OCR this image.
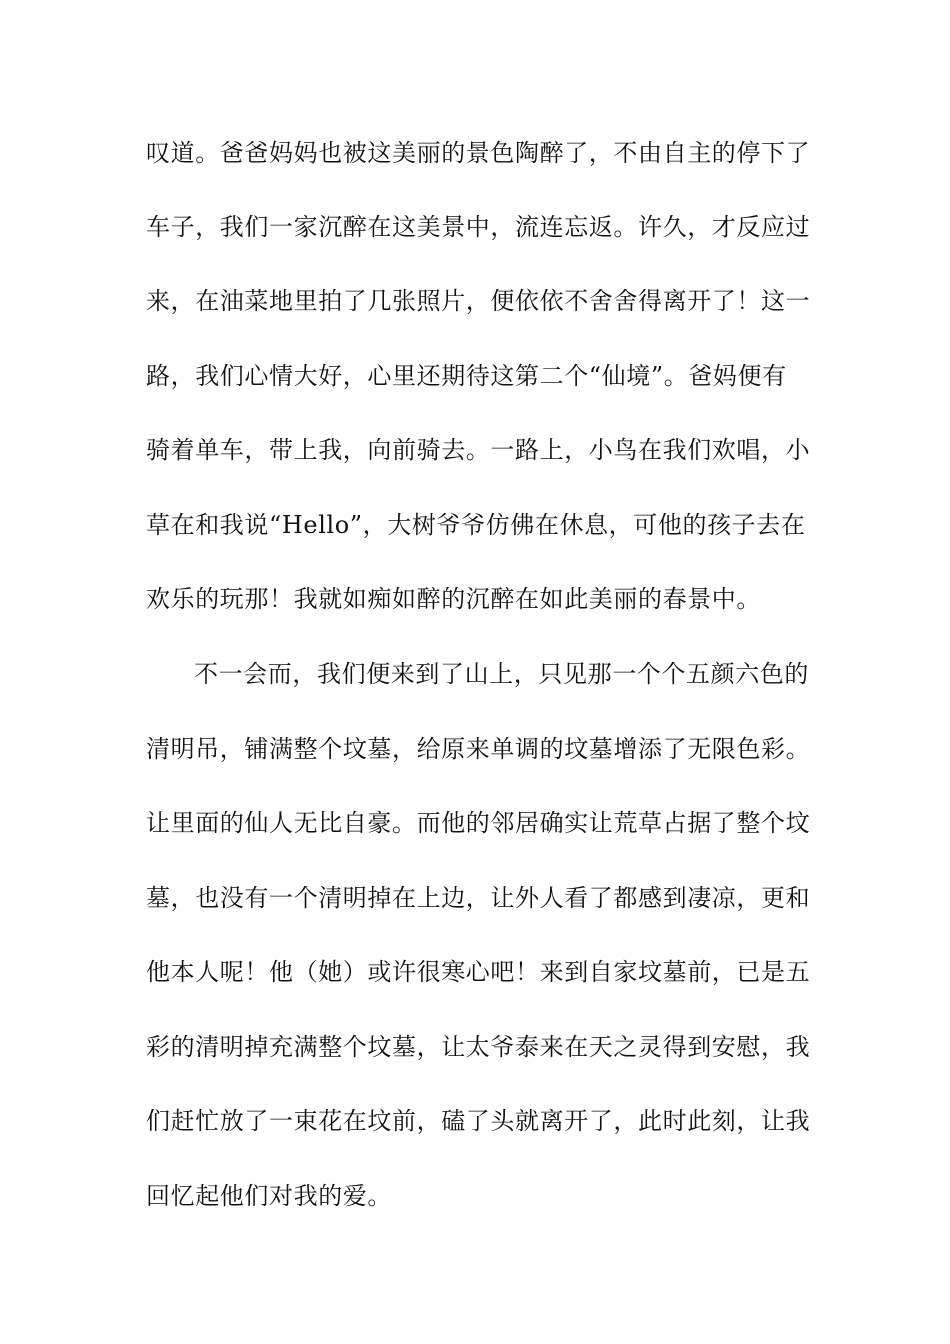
叹道。爸爸妈妈也被这美丽的景色陶醉了，不由自主的停下了
车子，我们一家沉醉在这美景中，流连忘返。许久，才反应过
来，在油菜地里拍了几张照片，便依依不舍舍得离开了！这一
路，我们心情大好，心里还期待这第二个“仙境”。爸妈便有
骑着单车，带上我，向前骑去。一路上，小鸟在我们欢唱，小
草在和我说“Hello”，大树爷爷仿佛在休息，可他的孩子去在
欢乐的玩那！我就如痴如醉的沉醉在如此美丽的春景中。
不一会而，我们便来到了山上，只见那一个个五颜六色的
清明吊，铺满整个坟墓，给原来单调的坟墓增添了无限色彩。
让里面的仙人无比自豪。而他的邻居确实让荒草占据了整个坟
墓，也没有一个清明掉在上边，让外人看了都感到凄凉，更和
他本人呢！他（她）或许很寒心吧！来到自家坟墓前，已是五
彩的清明掉充满整个坟墓，让太爷泰来在天之灵得到安慰，我
们赶忙放了一束花在坟前，磕了头就离开了，此时此刻，让我
回忆起他们对我的爱。
